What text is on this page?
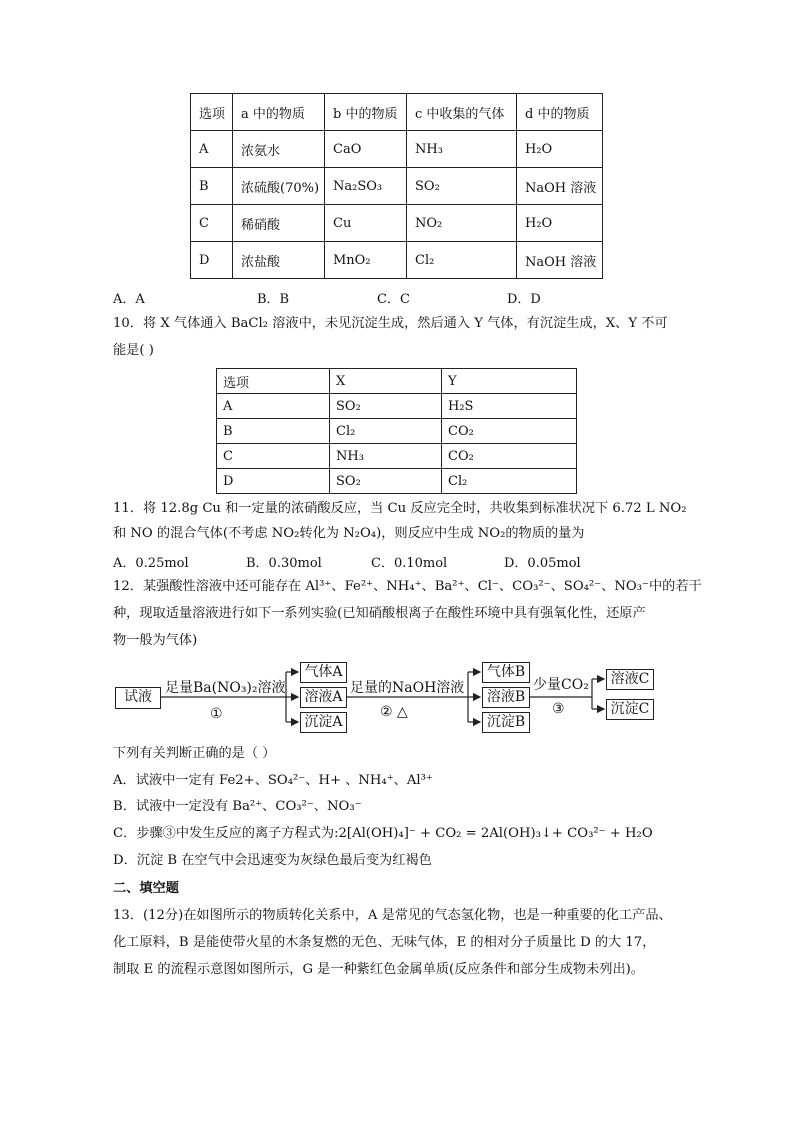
选项	a 中的物质	b 中的物质	c 中收集的气体	d 中的物质
A	浓氨水	CaO	NH₃	H₂O
B	浓硫酸(70%)	Na₂SO₃	SO₂	NaOH 溶液
C	稀硝酸	Cu	NO₂	H₂O
D	浓盐酸	MnO₂	Cl₂	NaOH 溶液
A．A	B．B	C．C	D．D
10．将 X 气体通入 BaCl₂ 溶液中，未见沉淀生成，然后通入 Y 气体，有沉淀生成，X、Y 不可
能是( )
选项	X	Y
A	SO₂	H₂S
B	Cl₂	CO₂
C	NH₃	CO₂
D	SO₂	Cl₂
11．将 12.8g Cu 和一定量的浓硝酸反应，当 Cu 反应完全时，共收集到标准状况下 6.72 L NO₂
和 NO 的混合气体(不考虑 NO₂转化为 N₂O₄)，则反应中生成 NO₂的物质的量为
A．0.25mol	B．0.30mol	C．0.10mol	D．0.05mol
12．某强酸性溶液中还可能存在 Al³⁺、Fe²⁺、NH₄⁺、Ba²⁺、Cl⁻、CO₃²⁻、SO₄²⁻、NO₃⁻中的若干
种，现取适量溶液进行如下一系列实验(已知硝酸根离子在酸性环境中具有强氧化性，还原产
物一般为气体)
试液
足量Ba(NO₃)₂溶液
①
气体A
溶液A
沉淀A
足量的NaOH溶液
② △
气体B
溶液B
沉淀B
少量CO₂
③
溶液C
沉淀C
下列有关判断正确的是（ ）
A．试液中一定有 Fe2+、SO₄²⁻、H+ 、NH₄⁺、Al³⁺
B．试液中一定没有 Ba²⁺、CO₃²⁻、NO₃⁻
C．步骤③中发生反应的离子方程式为:2[Al(OH)₄]⁻ + CO₂ = 2Al(OH)₃↓+ CO₃²⁻ + H₂O
D．沉淀 B 在空气中会迅速变为灰绿色最后变为红褐色
二、填空题
13．(12分)在如图所示的物质转化关系中，A 是常见的气态氢化物，也是一种重要的化工产品、
化工原料，B 是能使带火星的木条复燃的无色、无味气体，E 的相对分子质量比 D 的大 17，
制取 E 的流程示意图如图所示，G 是一种紫红色金属单质(反应条件和部分生成物未列出)。
